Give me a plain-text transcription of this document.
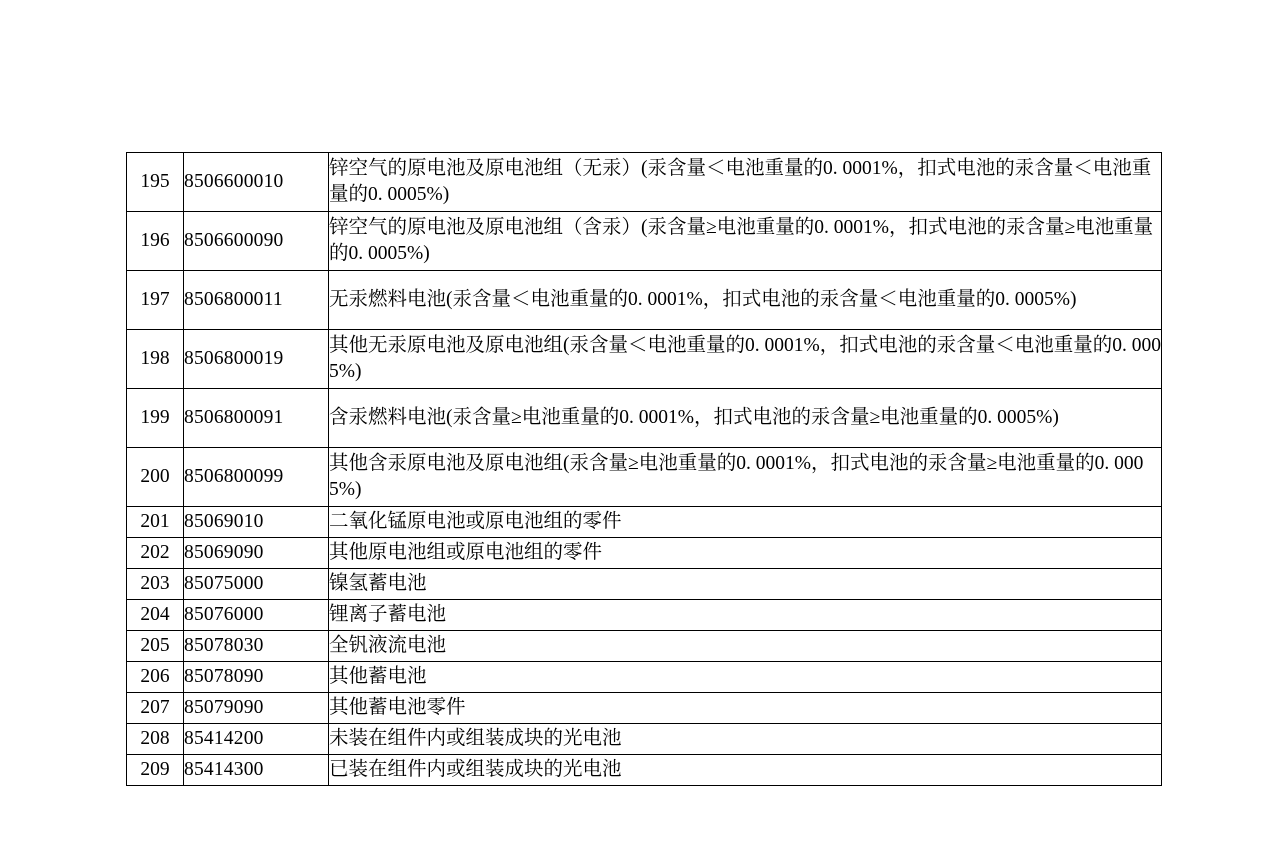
195	8506600010	锌空气的原电池及原电池组（无汞）(汞含量＜电池重量的0. 0001%，扣式电池的汞含量＜电池重量的0. 0005%)

196	8506600090	锌空气的原电池及原电池组（含汞）(汞含量≥电池重量的0. 0001%，扣式电池的汞含量≥电池重量的0. 0005%)

197	8506800011	无汞燃料电池(汞含量＜电池重量的0. 0001%，扣式电池的汞含量＜电池重量的0. 0005%)

198	8506800019	其他无汞原电池及原电池组(汞含量＜电池重量的0. 0001%，扣式电池的汞含量＜电池重量的0. 0005%)

199	8506800091	含汞燃料电池(汞含量≥电池重量的0. 0001%，扣式电池的汞含量≥电池重量的0. 0005%)

200	8506800099	其他含汞原电池及原电池组(汞含量≥电池重量的0. 0001%，扣式电池的汞含量≥电池重量的0. 0005%)

201	85069010	二氧化锰原电池或原电池组的零件

202	85069090	其他原电池组或原电池组的零件

203	85075000	镍氢蓄电池

204	85076000	锂离子蓄电池

205	85078030	全钒液流电池

206	85078090	其他蓄电池

207	85079090	其他蓄电池零件

208	85414200	未装在组件内或组装成块的光电池

209	85414300	已装在组件内或组装成块的光电池
